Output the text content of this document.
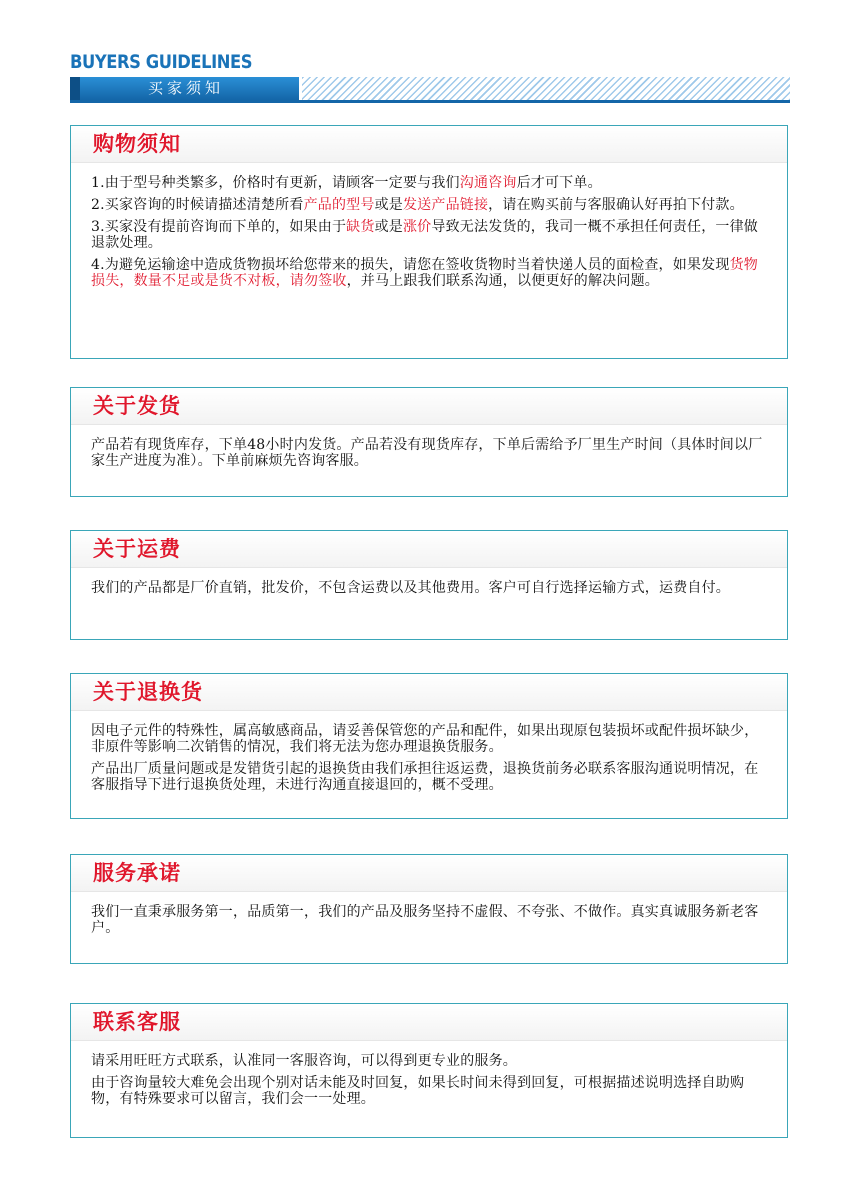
BUYERS GUIDELINES
买家须知
购物须知

1.由于型号种类繁多，价格时有更新，请顾客一定要与我们沟通咨询后才可下单。

2.买家咨询的时候请描述清楚所看产品的型号或是发送产品链接，请在购买前与客服确认好再拍下付款。

3.买家没有提前咨询而下单的，如果由于缺货或是涨价导致无法发货的，我司一概不承担任何责任，一律做退款处理。

4.为避免运输途中造成货物损坏给您带来的损失，请您在签收货物时当着快递人员的面检查，如果发现货物损失，数量不足或是货不对板，请勿签收，并马上跟我们联系沟通，以便更好的解决问题。

关于发货

产品若有现货库存，下单48小时内发货。产品若没有现货库存，下单后需给予厂里生产时间（具体时间以厂家生产进度为准）。下单前麻烦先咨询客服。

关于运费

我们的产品都是厂价直销，批发价，不包含运费以及其他费用。客户可自行选择运输方式，运费自付。

关于退换货

因电子元件的特殊性，属高敏感商品，请妥善保管您的产品和配件，如果出现原包装损坏或配件损坏缺少，非原件等影响二次销售的情况，我们将无法为您办理退换货服务。

产品出厂质量问题或是发错货引起的退换货由我们承担往返运费，退换货前务必联系客服沟通说明情况，在客服指导下进行退换货处理，未进行沟通直接退回的，概不受理。

服务承诺

我们一直秉承服务第一，品质第一，我们的产品及服务坚持不虚假、不夸张、不做作。真实真诚服务新老客户。

联系客服

请采用旺旺方式联系，认准同一客服咨询，可以得到更专业的服务。

由于咨询量较大难免会出现个别对话未能及时回复，如果长时间未得到回复，可根据描述说明选择自助购物，有特殊要求可以留言，我们会一一处理。
